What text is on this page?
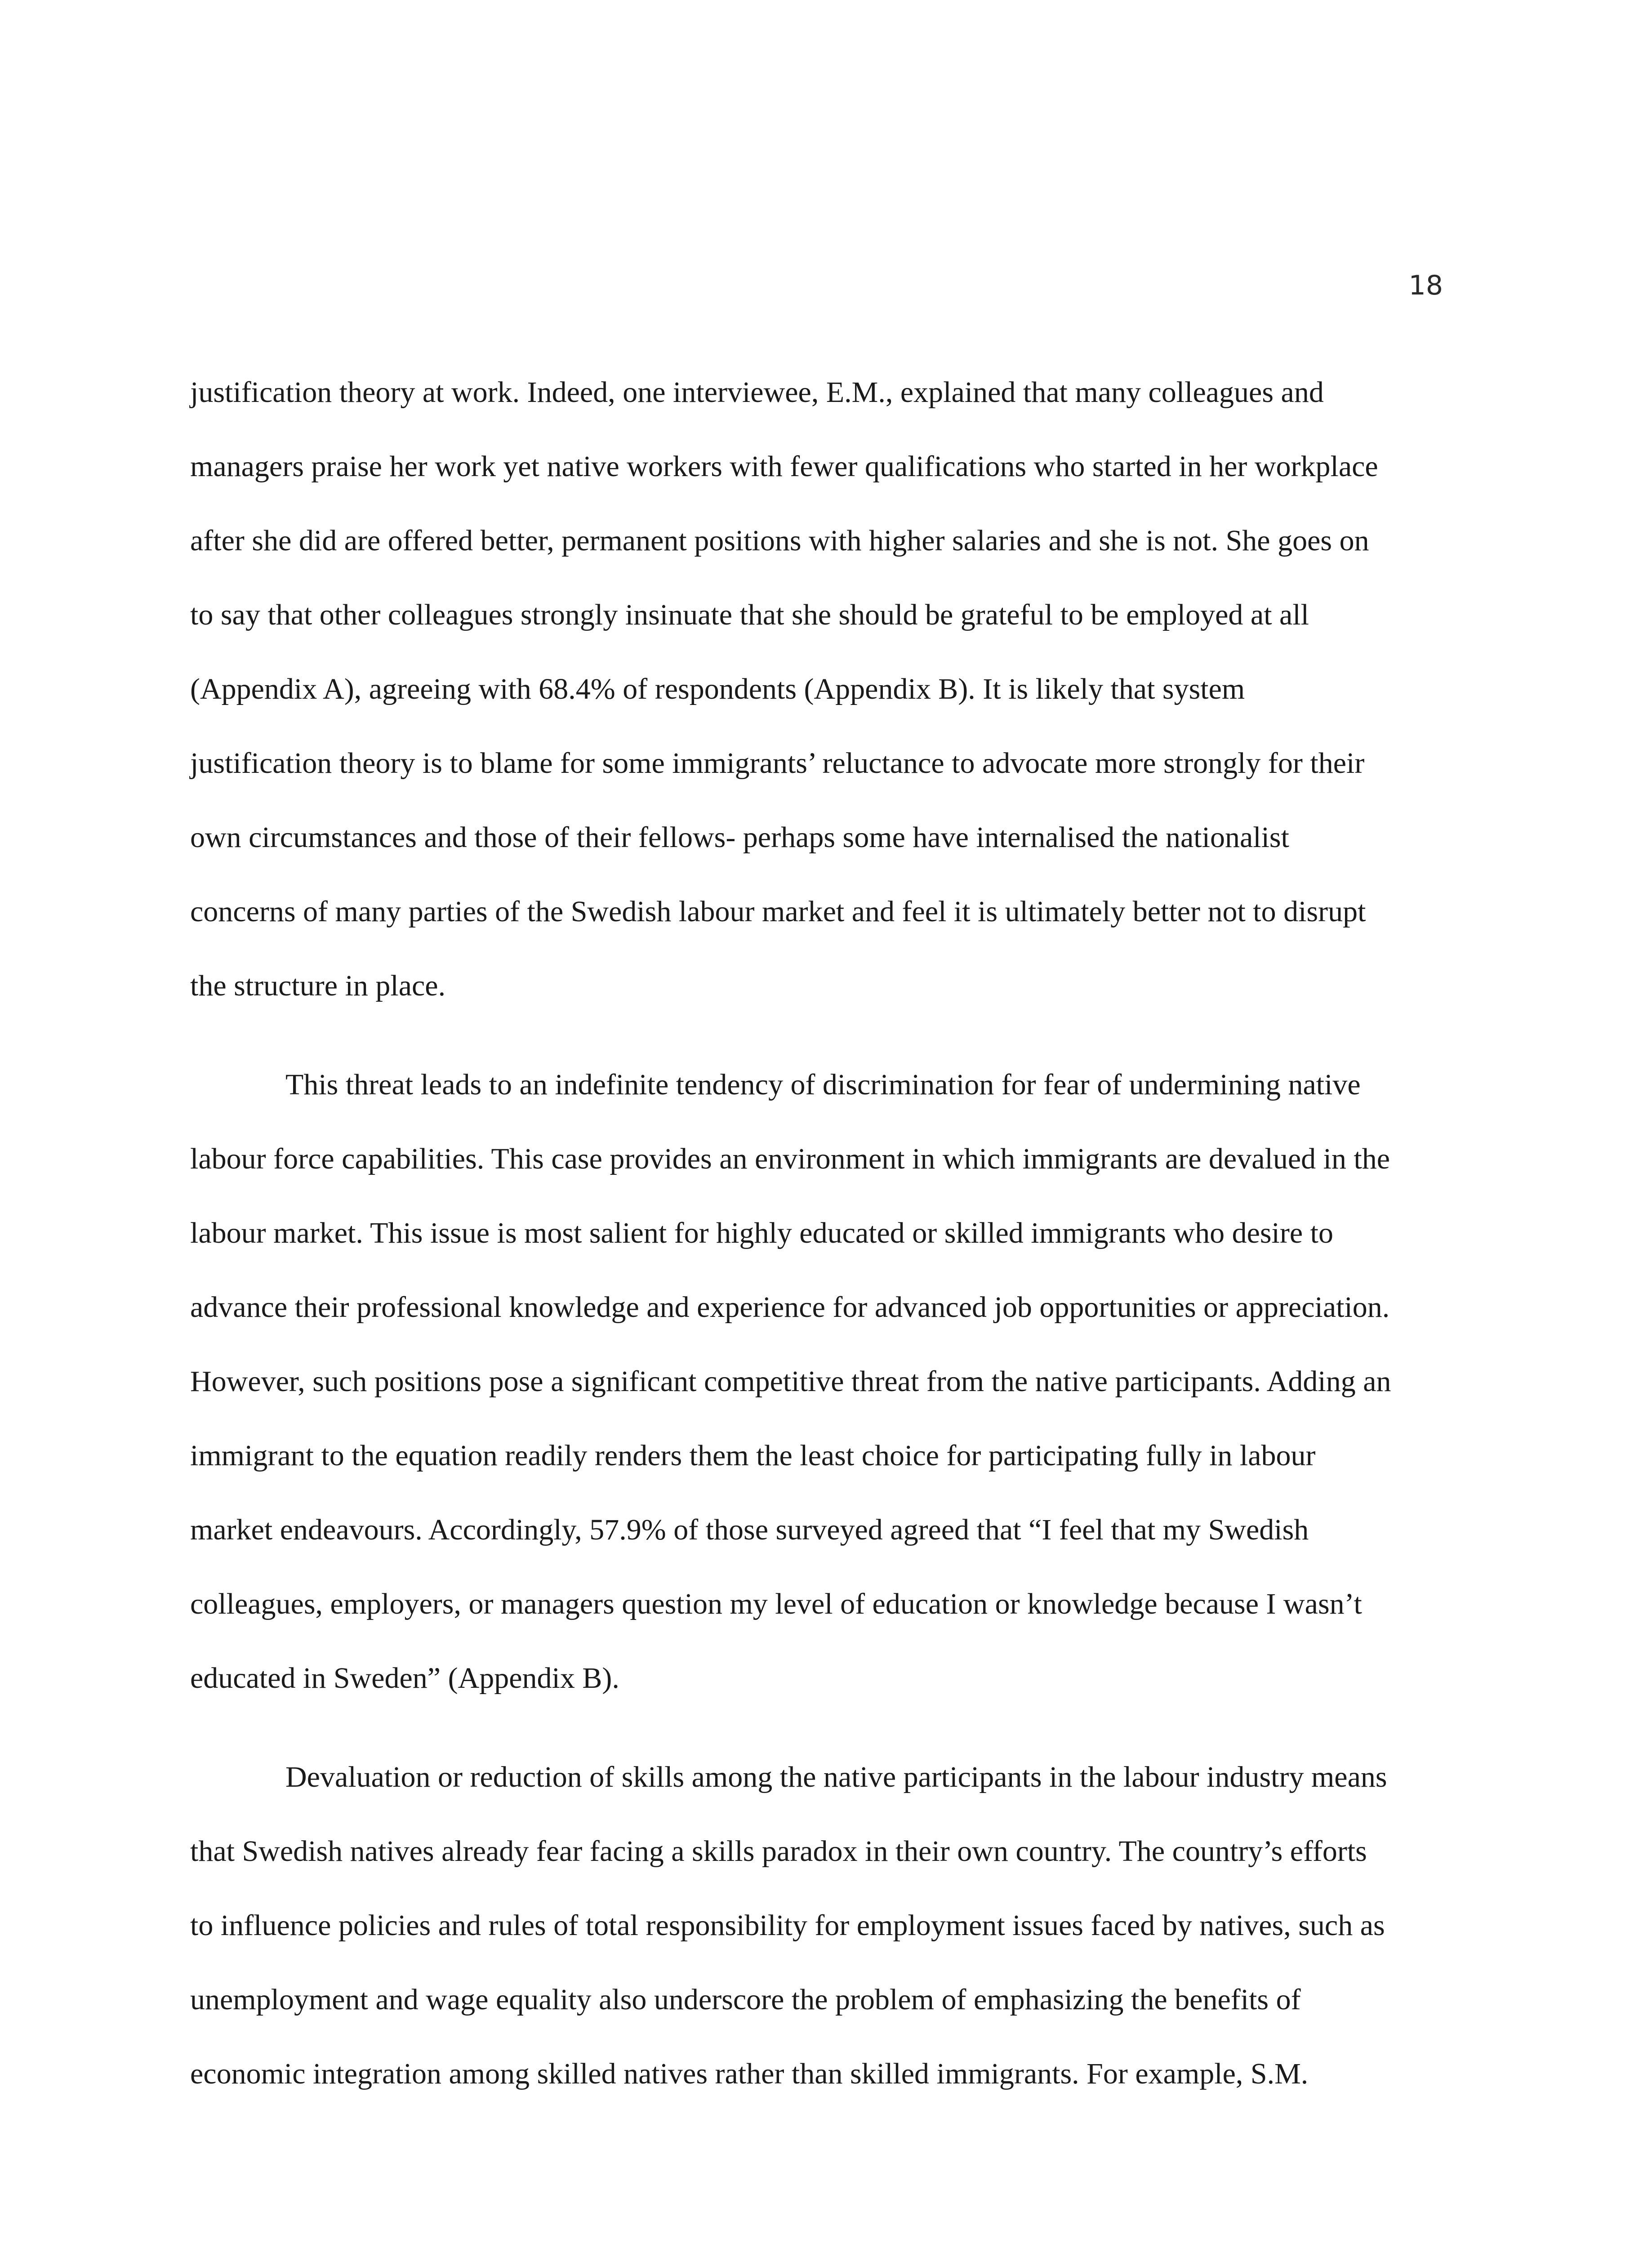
18
justification theory at work. Indeed, one interviewee, E.M., explained that many colleagues and
managers praise her work yet native workers with fewer qualifications who started in her workplace
after she did are offered better, permanent positions with higher salaries and she is not. She goes on
to say that other colleagues strongly insinuate that she should be grateful to be employed at all
(Appendix A), agreeing with 68.4% of respondents (Appendix B). It is likely that system
justification theory is to blame for some immigrants’ reluctance to advocate more strongly for their
own circumstances and those of their fellows- perhaps some have internalised the nationalist
concerns of many parties of the Swedish labour market and feel it is ultimately better not to disrupt
the structure in place.
This threat leads to an indefinite tendency of discrimination for fear of undermining native
labour force capabilities. This case provides an environment in which immigrants are devalued in the
labour market. This issue is most salient for highly educated or skilled immigrants who desire to
advance their professional knowledge and experience for advanced job opportunities or appreciation.
However, such positions pose a significant competitive threat from the native participants. Adding an
immigrant to the equation readily renders them the least choice for participating fully in labour
market endeavours. Accordingly, 57.9% of those surveyed agreed that “I feel that my Swedish
colleagues, employers, or managers question my level of education or knowledge because I wasn’t
educated in Sweden” (Appendix B).
Devaluation or reduction of skills among the native participants in the labour industry means
that Swedish natives already fear facing a skills paradox in their own country. The country’s efforts
to influence policies and rules of total responsibility for employment issues faced by natives, such as
unemployment and wage equality also underscore the problem of emphasizing the benefits of
economic integration among skilled natives rather than skilled immigrants. For example, S.M.
